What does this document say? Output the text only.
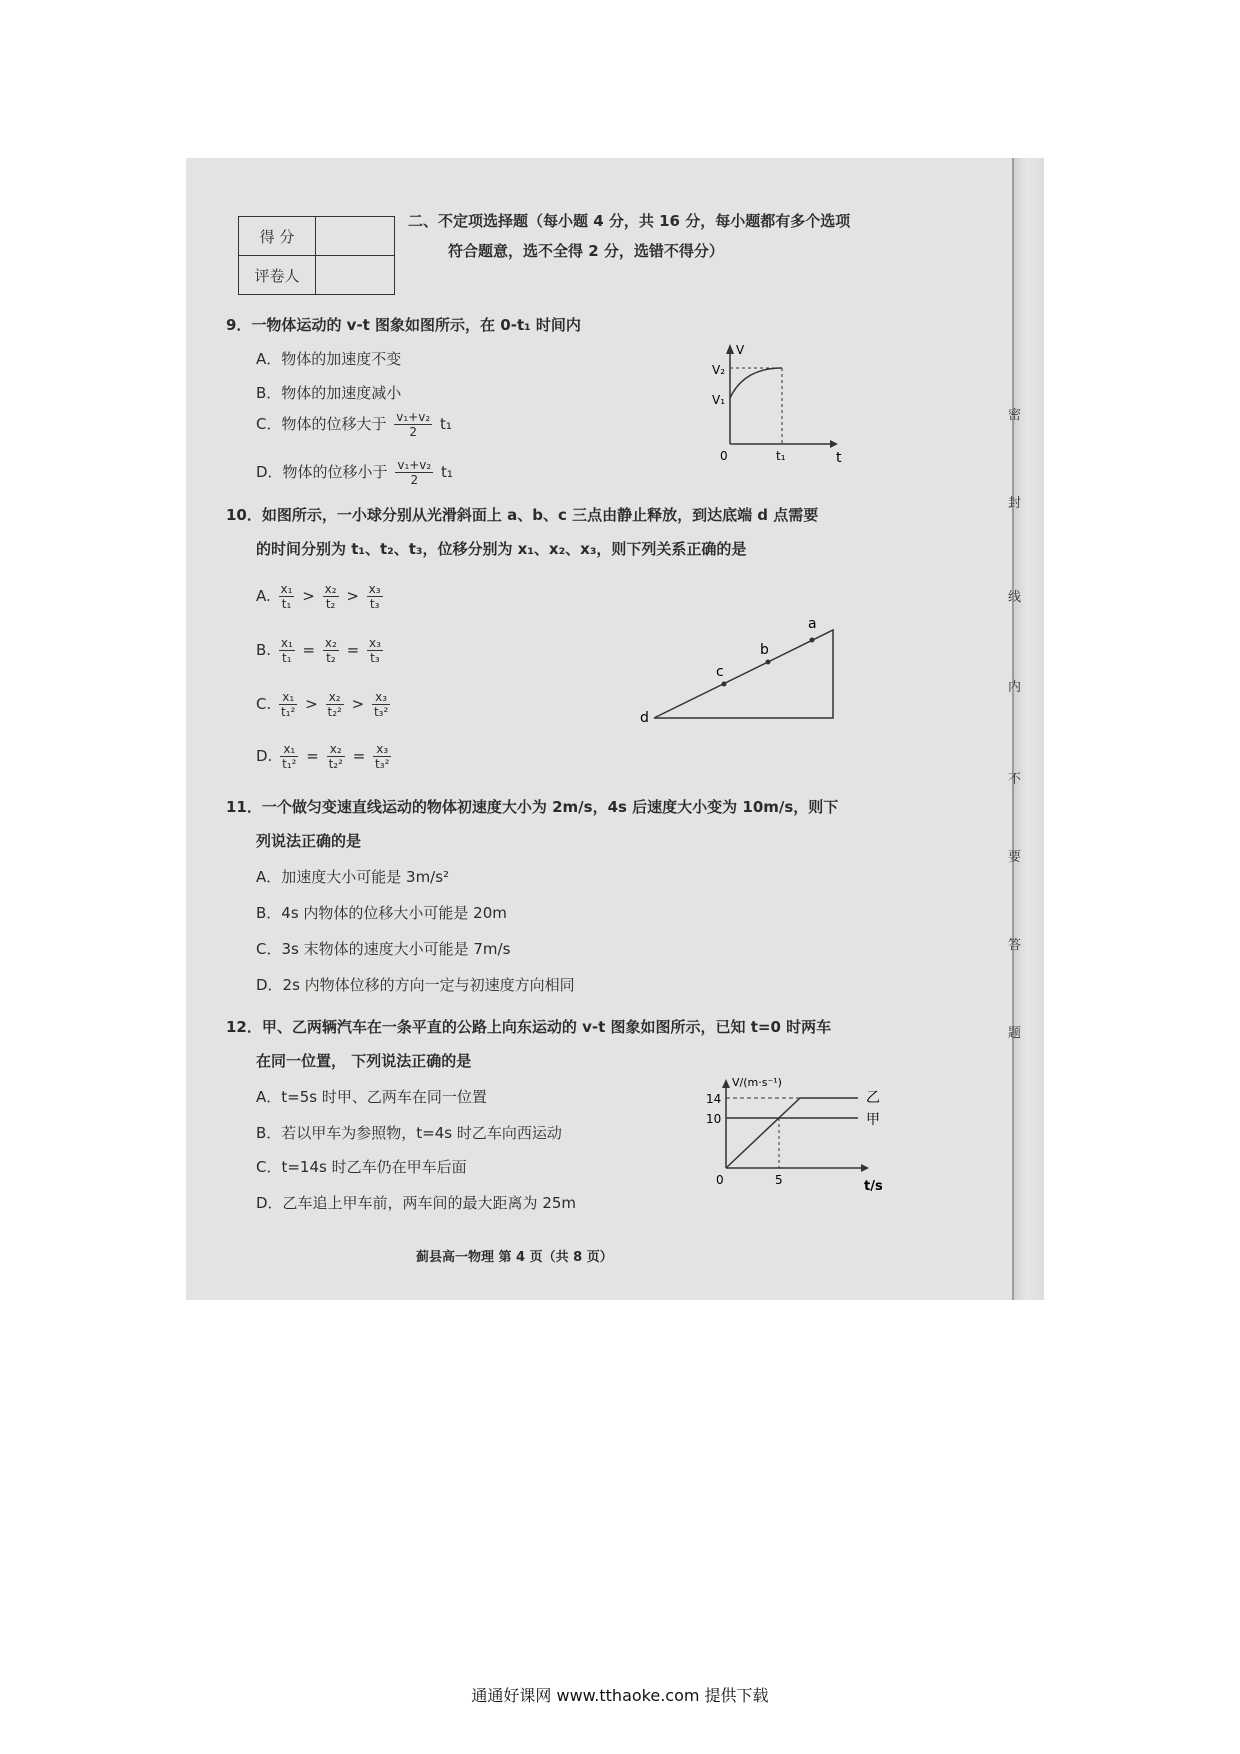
密
封
线
内
不
要
答
题
得 分	
评卷人	
二、不定项选择题（每小题 4 分，共 16 分，每小题都有多个选项
符合题意，选不全得 2 分，选错不得分）
9．一物体运动的 v-t 图象如图所示，在 0-t₁ 时间内
A．物体的加速度不变
B．物体的加速度减小
C．物体的位移大于 $\frac{\text{v₁+v₂}}{2} t_1$
D．物体的位移小于 $\frac{\text{v₁+v₂}}{2} t_1$
V
V₂
V₁
0	t₁	t
10．如图所示，一小球分别从光滑斜面上 a、b、c 三点由静止释放，到达底端 d 点需要
的时间分别为 t₁、t₂、t₃，位移分别为 x₁、x₂、x₃，则下列关系正确的是
A. $\frac{\text{x₁}}{\text{t₁}} > \frac{\text{x₂}}{\text{t₂}} > \frac{\text{x₃}}{\text{t₃}}$
B. $\frac{\text{x₁}}{\text{t₁}} = \frac{\text{x₂}}{\text{t₂}} = \frac{\text{x₃}}{\text{t₃}}$
C. $\frac{\text{x₁}}{\text{t₁²}} > \frac{\text{x₂}}{\text{t₂²}} > \frac{\text{x₃}}{\text{t₃²}}$
D. $\frac{\text{x₁}}{\text{t₁²}} = \frac{\text{x₂}}{\text{t₂²}} = \frac{\text{x₃}}{\text{t₃²}}$
a
b
c
d
11．一个做匀变速直线运动的物体初速度大小为 2m/s，4s 后速度大小变为 10m/s，则下
列说法正确的是
A．加速度大小可能是 3m/s²
B．4s 内物体的位移大小可能是 20m
C．3s 末物体的速度大小可能是 7m/s
D．2s 内物体位移的方向一定与初速度方向相同
12．甲、乙两辆汽车在一条平直的公路上向东运动的 v-t 图象如图所示，已知 t=0 时两车
在同一位置， 下列说法正确的是
A．t=5s 时甲、乙两车在同一位置
B．若以甲车为参照物，t=4s 时乙车向西运动
C．t=14s 时乙车仍在甲车后面
D．乙车追上甲车前，两车间的最大距离为 25m
V/(m·s⁻¹)
14
10
0	5
乙
甲
t/s
蓟县高一物理 第 4 页（共 8 页）
通通好课网 www.tthaoke.com 提供下载
